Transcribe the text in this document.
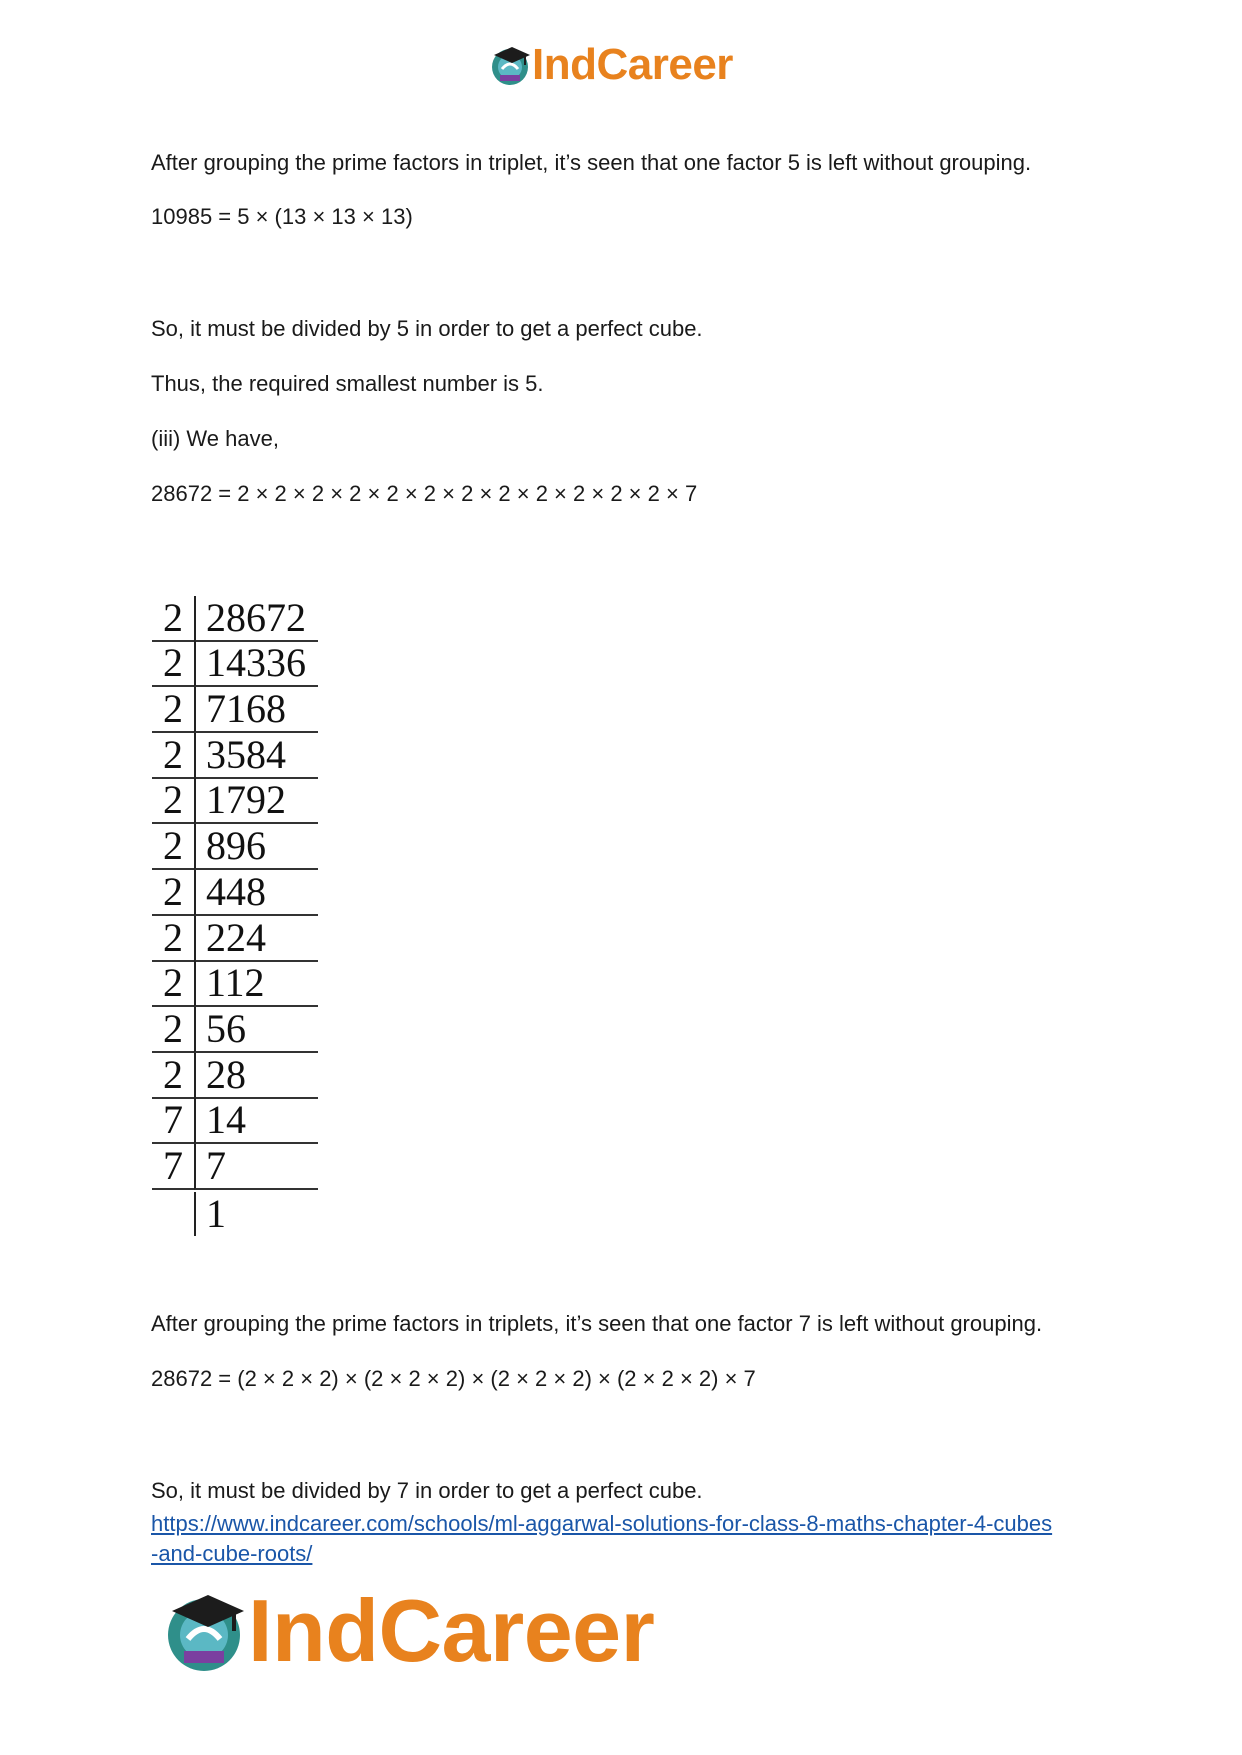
IndCareer

After grouping the prime factors in triplet, it’s seen that one factor 5 is left without grouping.

10985 = 5 × (13 × 13 × 13)

So, it must be divided by 5 in order to get a perfect cube.

Thus, the required smallest number is 5.

(iii) We have,

28672 = 2 × 2 × 2 × 2 × 2 × 2 × 2 × 2 × 2 × 2 × 2 × 2 × 7

2 28672
2 14336
2 7168
2 3584
2 1792
2 896
2 448
2 224
2 112
2 56
2 28
7 14
7 7
1

After grouping the prime factors in triplets, it’s seen that one factor 7 is left without grouping.

28672 = (2 × 2 × 2) × (2 × 2 × 2) × (2 × 2 × 2) × (2 × 2 × 2) × 7

So, it must be divided by 7 in order to get a perfect cube.

https://www.indcareer.com/schools/ml-aggarwal-solutions-for-class-8-maths-chapter-4-cubes
-and-cube-roots/
IndCareer
